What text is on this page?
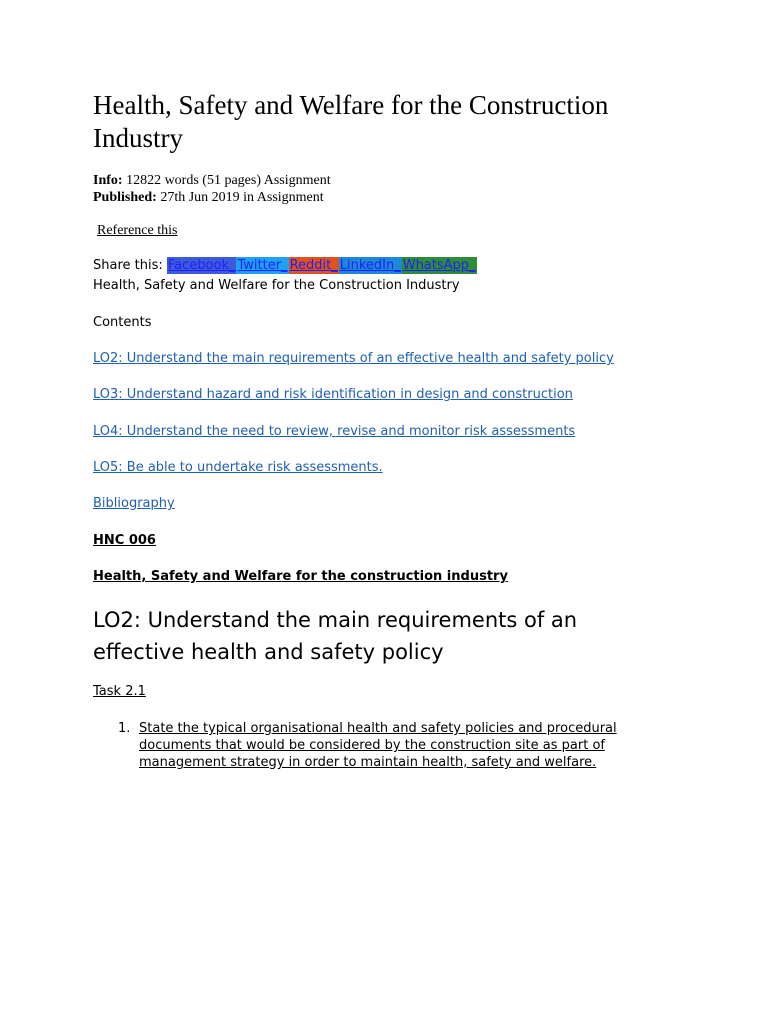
Health, Safety and Welfare for the Construction Industry
Info: 12822 words (51 pages) Assignment
Published: 27th Jun 2019 in Assignment
Reference this
Share this: Facebook_ Twitter_ Reddit_ LinkedIn_ WhatsApp_
Health, Safety and Welfare for the Construction Industry
Contents
LO2: Understand the main requirements of an effective health and safety policy
LO3: Understand hazard and risk identification in design and construction
LO4: Understand the need to review, revise and monitor risk assessments
LO5: Be able to undertake risk assessments.
Bibliography
HNC 006
Health, Safety and Welfare for the construction industry
LO2: Understand the main requirements of an effective health and safety policy
Task 2.1
1. State the typical organisational health and safety policies and procedural documents that would be considered by the construction site as part of management strategy in order to maintain health, safety and welfare.
